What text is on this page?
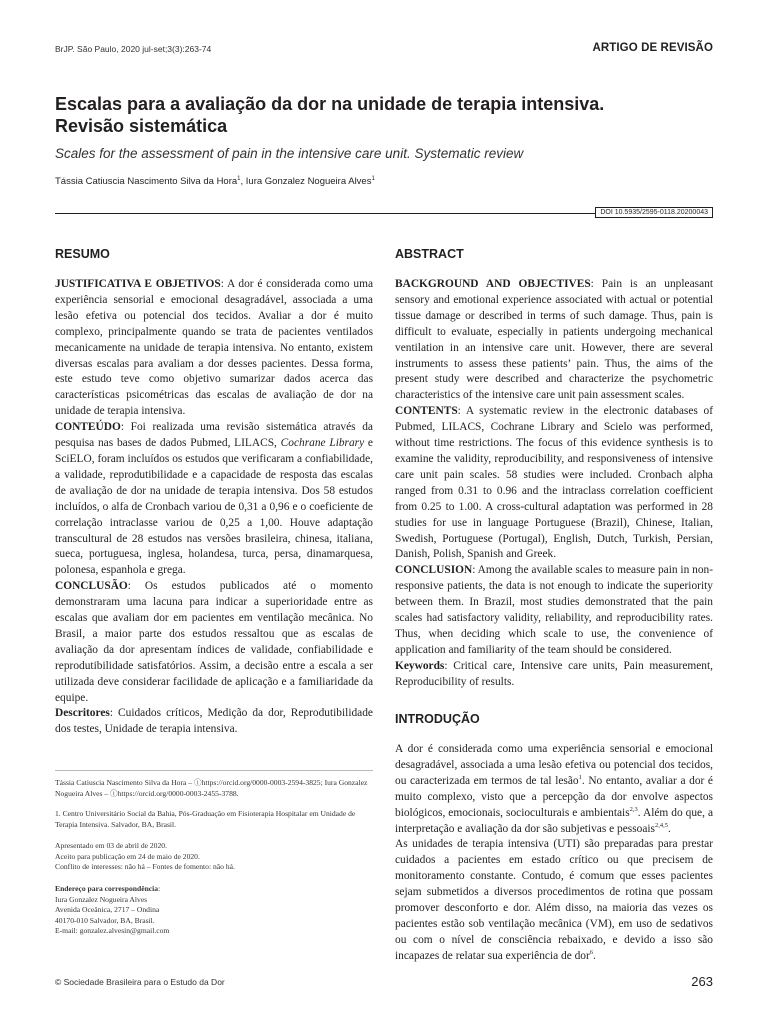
BrJP. São Paulo, 2020 jul-set;3(3):263-74	ARTIGO DE REVISÃO
Escalas para a avaliação da dor na unidade de terapia intensiva.
Revisão sistemática
Scales for the assessment of pain in the intensive care unit. Systematic review
Tássia Catiuscia Nascimento Silva da Hora$^1$, Iura Gonzalez Nogueira Alves$^1$
DOI 10.5935/2595-0118.20200043
RESUMO

JUSTIFICATIVA E OBJETIVOS: A dor é considerada como uma experiência sensorial e emocional desagradável, associada a uma lesão efetiva ou potencial dos tecidos. Avaliar a dor é muito complexo, principalmente quando se trata de pacientes ventilados mecanicamente na unidade de terapia intensiva. No entanto, existem diversas escalas para avaliam a dor desses pacientes. Dessa forma, este estudo teve como objetivo sumarizar dados acerca das características psicométricas das escalas de avaliação de dor na unidade de terapia intensiva.

CONTEÚDO: Foi realizada uma revisão sistemática através da pesquisa nas bases de dados Pubmed, LILACS, Cochrane Library e SciELO, foram incluídos os estudos que verificaram a confiabilidade, a validade, reprodutibilidade e a capacidade de resposta das escalas de avaliação de dor na unidade de terapia intensiva. Dos 58 estudos incluídos, o alfa de Cronbach variou de 0,31 a 0,96 e o coeficiente de correlação intraclasse variou de 0,25 a 1,00. Houve adaptação transcultural de 28 estudos nas versões brasileira, chinesa, italiana, sueca, portuguesa, inglesa, holandesa, turca, persa, dinamarquesa, polonesa, espanhola e grega.

CONCLUSÃO: Os estudos publicados até o momento demonstraram uma lacuna para indicar a superioridade entre as escalas que avaliam dor em pacientes em ventilação mecânica. No Brasil, a maior parte dos estudos ressaltou que as escalas de avaliação da dor apresentam índices de validade, confiabilidade e reprodutibilidade satisfatórios. Assim, a decisão entre a escala a ser utilizada deve considerar facilidade de aplicação e a familiaridade da equipe.

Descritores: Cuidados críticos, Medição da dor, Reprodutibilidade dos testes, Unidade de terapia intensiva.

Tássia Catiuscia Nascimento Silva da Hora – ⓘhttps://orcid.org/0000-0003-2594-3825; Iura Gonzalez Nogueira Alves – ⓘhttps://orcid.org/0000-0003-2455-3788.

1. Centro Universitário Social da Bahia, Pós-Graduação em Fisioterapia Hospitalar em Unidade de Terapia Intensiva. Salvador, BA, Brasil.

Apresentado em 03 de abril de 2020.
Aceito para publicação em 24 de maio de 2020.
Conflito de interesses: não há – Fontes de fomento: não há.

Endereço para correspondência:

Iura Gonzalez Nogueira Alves
Avenida Oceânica, 2717 – Ondina
40170-010 Salvador, BA, Brasil.
E-mail: gonzalez.alvesin@gmail.com

© Sociedade Brasileira para o Estudo da Dor
ABSTRACT

BACKGROUND AND OBJECTIVES: Pain is an unpleasant sensory and emotional experience associated with actual or potential tissue damage or described in terms of such damage. Thus, pain is difficult to evaluate, especially in patients undergoing mechanical ventilation in an intensive care unit. However, there are several instruments to assess these patients’ pain. Thus, the aims of the present study were described and characterize the psychometric characteristics of the intensive care unit pain assessment scales.

CONTENTS: A systematic review in the electronic databases of Pubmed, LILACS, Cochrane Library and Scielo was performed, without time restrictions. The focus of this evidence synthesis is to examine the validity, reproducibility, and responsiveness of intensive care unit pain scales. 58 studies were included. Cronbach alpha ranged from 0.31 to 0.96 and the intraclass correlation coefficient from 0.25 to 1.00. A cross-cultural adaptation was performed in 28 studies for use in language Portuguese (Brazil), Chinese, Italian, Swedish, Portuguese (Portugal), English, Dutch, Turkish, Persian, Danish, Polish, Spanish and Greek.

CONCLUSION: Among the available scales to measure pain in non-responsive patients, the data is not enough to indicate the superiority between them. In Brazil, most studies demonstrated that the pain scales had satisfactory validity, reliability, and reproducibility rates. Thus, when deciding which scale to use, the convenience of application and familiarity of the team should be considered.

Keywords: Critical care, Intensive care units, Pain measurement, Reproducibility of results.

INTRODUÇÃO

A dor é considerada como uma experiência sensorial e emocional desagradável, associada a uma lesão efetiva ou potencial dos tecidos, ou caracterizada em termos de tal lesão$^1$. No entanto, avaliar a dor é muito complexo, visto que a percepção da dor envolve aspectos biológicos, emocionais, socioculturais e ambientais$^{2,3}$. Além do que, a interpretação e avaliação da dor são subjetivas e pessoais$^{2,4,5}$.

As unidades de terapia intensiva (UTI) são preparadas para prestar cuidados a pacientes em estado crítico ou que precisem de monitoramento constante. Contudo, é comum que esses pacientes sejam submetidos a diversos procedimentos de rotina que possam promover desconforto e dor. Além disso, na maioria das vezes os pacientes estão sob ventilação mecânica (VM), em uso de sedativos ou com o nível de consciência rebaixado, e devido a isso são incapazes de relatar sua experiência de dor$^6$.

263
